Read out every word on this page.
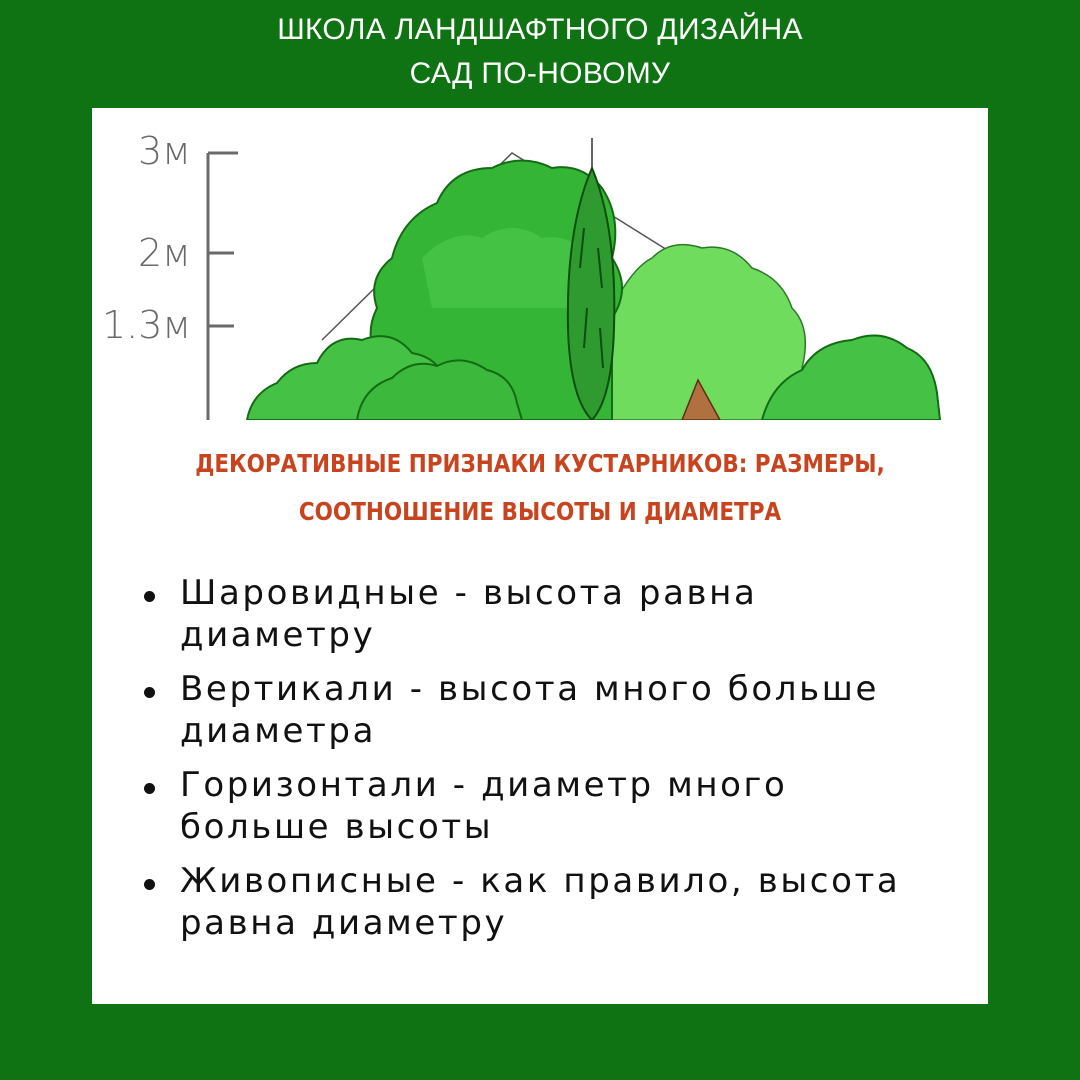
ШКОЛА ЛАНДШАФТНОГО ДИЗАЙНА
САД ПО-НОВОМУ
3м
2м
1.3м
ДЕКОРАТИВНЫЕ ПРИЗНАКИ КУСТАРНИКОВ: РАЗМЕРЫ,
СООТНОШЕНИЕ ВЫСОТЫ И ДИАМЕТРА
Шаровидные - высота равна диаметру
Вертикали - высота много больше диаметра
Горизонтали - диаметр много больше высоты
Живописные - как правило, высота равна диаметру
